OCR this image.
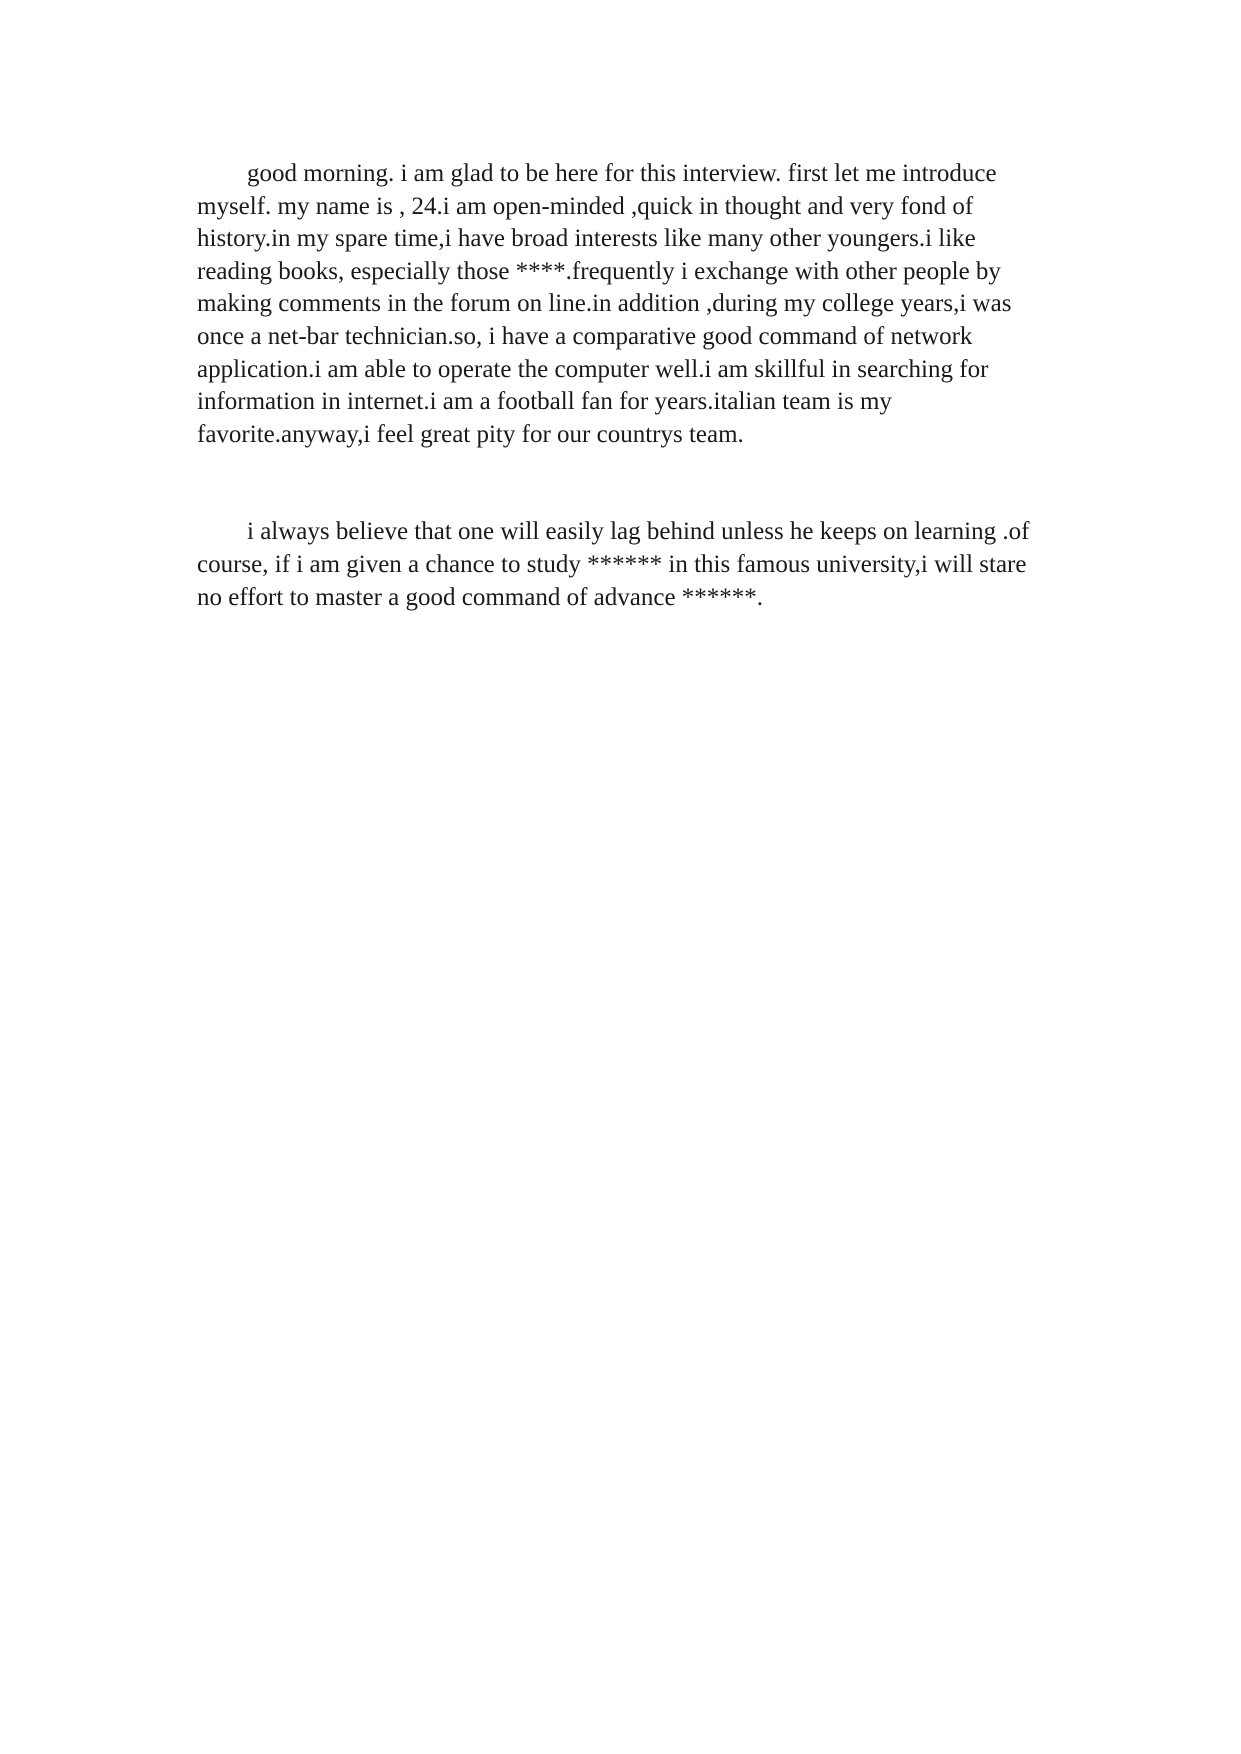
good morning. i am glad to be here for this interview. first let me introduce
myself. my name is , 24.i am open-minded ,quick in thought and very fond of
history.in my spare time,i have broad interests like many other youngers.i like
reading books, especially those ****.frequently i exchange with other people by
making comments in the forum on line.in addition ,during my college years,i was
once a net-bar technician.so, i have a comparative good command of network
application.i am able to operate the computer well.i am skillful in searching for
information in internet.i am a football fan for years.italian team is my
favorite.anyway,i feel great pity for our countrys team.
i always believe that one will easily lag behind unless he keeps on learning .of
course, if i am given a chance to study ****** in this famous university,i will stare
no effort to master a good command of advance ******.
